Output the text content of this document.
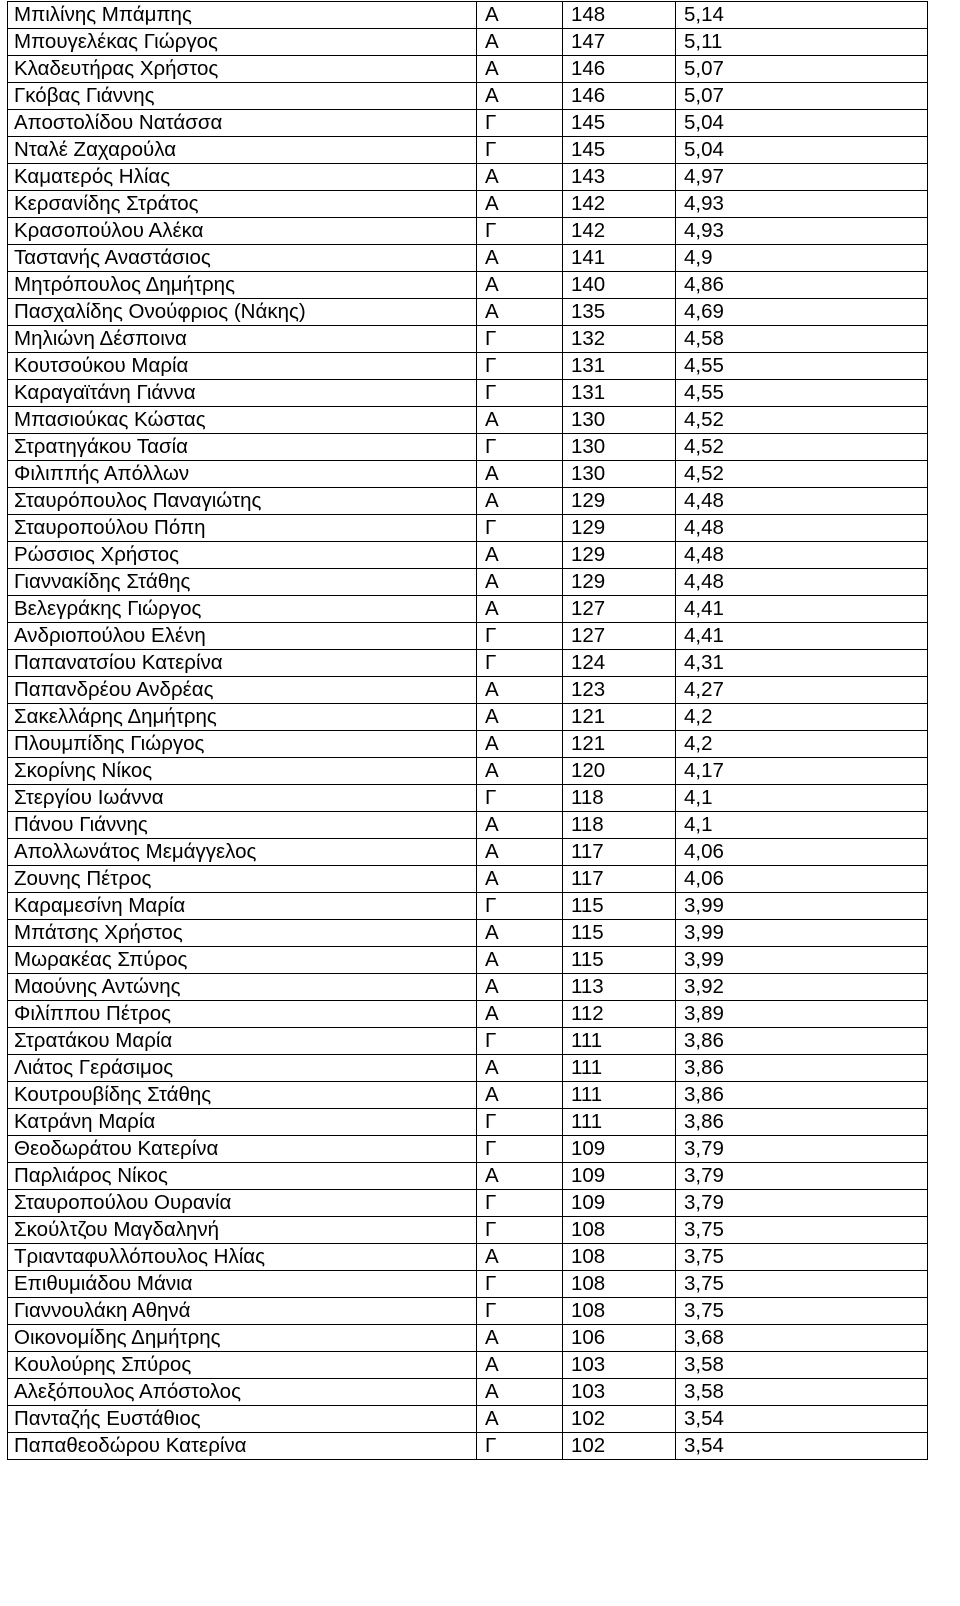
Μπιλίνης Μπάμπης	Α	148	5,14
Μπουγελέκας Γιώργος	Α	147	5,11
Κλαδευτήρας Χρήστος	Α	146	5,07
Γκόβας Γιάννης	Α	146	5,07
Αποστολίδου Νατάσσα	Γ	145	5,04
Νταλέ Ζαχαρούλα	Γ	145	5,04
Καματερός Ηλίας	Α	143	4,97
Κερσανίδης Στράτος	Α	142	4,93
Κρασοπούλου Αλέκα	Γ	142	4,93
Ταστανής Αναστάσιος	Α	141	4,9
Μητρόπουλος Δημήτρης	Α	140	4,86
Πασχαλίδης Ονούφριος (Νάκης)	Α	135	4,69
Μηλιώνη Δέσποινα	Γ	132	4,58
Κουτσούκου Μαρία	Γ	131	4,55
Καραγαϊτάνη Γιάννα	Γ	131	4,55
Μπασιούκας Κώστας	Α	130	4,52
Στρατηγάκου Τασία	Γ	130	4,52
Φιλιππής Απόλλων	Α	130	4,52
Σταυρόπουλος Παναγιώτης	Α	129	4,48
Σταυροπούλου Πόπη	Γ	129	4,48
Ρώσσιος Χρήστος	Α	129	4,48
Γιαννακίδης Στάθης	Α	129	4,48
Βελεγράκης Γιώργος	Α	127	4,41
Ανδριοπούλου Ελένη	Γ	127	4,41
Παπανατσίου Κατερίνα	Γ	124	4,31
Παπανδρέου Ανδρέας	Α	123	4,27
Σακελλάρης Δημήτρης	Α	121	4,2
Πλουμπίδης Γιώργος	Α	121	4,2
Σκορίνης Νίκος	Α	120	4,17
Στεργίου Ιωάννα	Γ	118	4,1
Πάνου Γιάννης	Α	118	4,1
Απολλωνάτος Μεμάγγελος	Α	117	4,06
Ζουνης Πέτρος	Α	117	4,06
Καραμεσίνη Μαρία	Γ	115	3,99
Μπάτσης Χρήστος	Α	115	3,99
Μωρακέας Σπύρος	Α	115	3,99
Μαούνης Αντώνης	Α	113	3,92
Φιλίππου Πέτρος	Α	112	3,89
Στρατάκου Μαρία	Γ	111	3,86
Λιάτος Γεράσιμος	Α	111	3,86
Κουτρουβίδης Στάθης	Α	111	3,86
Κατράνη Μαρία	Γ	111	3,86
Θεοδωράτου Κατερίνα	Γ	109	3,79
Παρλιάρος Νίκος	Α	109	3,79
Σταυροπούλου Ουρανία	Γ	109	3,79
Σκούλτζου Μαγδαληνή	Γ	108	3,75
Τριανταφυλλόπουλος Ηλίας	Α	108	3,75
Επιθυμιάδου Μάνια	Γ	108	3,75
Γιαννουλάκη Αθηνά	Γ	108	3,75
Οικονομίδης Δημήτρης	Α	106	3,68
Κουλούρης Σπύρος	Α	103	3,58
Αλεξόπουλος Απόστολος	Α	103	3,58
Πανταζής Ευστάθιος	Α	102	3,54
Παπαθεοδώρου Κατερίνα	Γ	102	3,54
